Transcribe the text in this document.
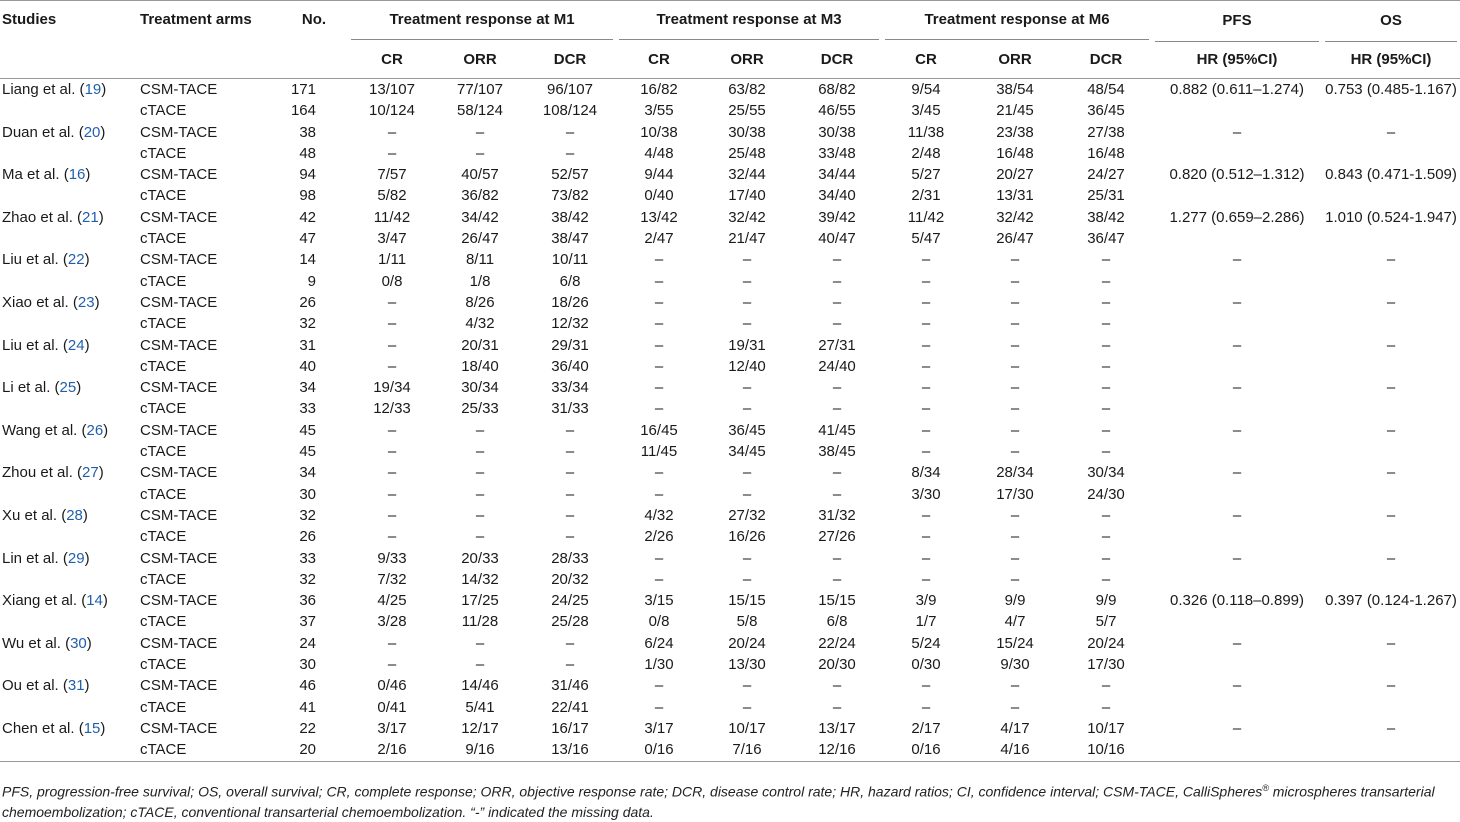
Studies	Treatment arms	No.	Treatment response at M1			Treatment response at M3			Treatment response at M6			PFS	OS

			CR	ORR	DCR	CR	ORR	DCR	CR	ORR	DCR	HR (95%CI)	HR (95%CI)

Liang et al. (19)	CSM-TACE	171	13/107	77/107	96/107	16/82	63/82	68/82	9/54	38/54	48/54	0.882 (0.611–1.274)	0.753 (0.485-1.167)
	cTACE	164	10/124	58/124	108/124	3/55	25/55	46/55	3/45	21/45	36/45		
Duan et al. (20)	CSM-TACE	38	–	–	–	10/38	30/38	30/38	11/38	23/38	27/38	–	–
	cTACE	48	–	–	–	4/48	25/48	33/48	2/48	16/48	16/48		
Ma et al. (16)	CSM-TACE	94	7/57	40/57	52/57	9/44	32/44	34/44	5/27	20/27	24/27	0.820 (0.512–1.312)	0.843 (0.471-1.509)
	cTACE	98	5/82	36/82	73/82	0/40	17/40	34/40	2/31	13/31	25/31		
Zhao et al. (21)	CSM-TACE	42	11/42	34/42	38/42	13/42	32/42	39/42	11/42	32/42	38/42	1.277 (0.659–2.286)	1.010 (0.524-1.947)
	cTACE	47	3/47	26/47	38/47	2/47	21/47	40/47	5/47	26/47	36/47		
Liu et al. (22)	CSM-TACE	14	1/11	8/11	10/11	–	–	–	–	–	–	–	–
	cTACE	9	0/8	1/8	6/8	–	–	–	–	–	–		
Xiao et al. (23)	CSM-TACE	26	–	8/26	18/26	–	–	–	–	–	–	–	–
	cTACE	32	–	4/32	12/32	–	–	–	–	–	–		
Liu et al. (24)	CSM-TACE	31	–	20/31	29/31	–	19/31	27/31	–	–	–	–	–
	cTACE	40	–	18/40	36/40	–	12/40	24/40	–	–	–		
Li et al. (25)	CSM-TACE	34	19/34	30/34	33/34	–	–	–	–	–	–	–	–
	cTACE	33	12/33	25/33	31/33	–	–	–	–	–	–		
Wang et al. (26)	CSM-TACE	45	–	–	–	16/45	36/45	41/45	–	–	–	–	–
	cTACE	45	–	–	–	11/45	34/45	38/45	–	–	–		
Zhou et al. (27)	CSM-TACE	34	–	–	–	–	–	–	8/34	28/34	30/34	–	–
	cTACE	30	–	–	–	–	–	–	3/30	17/30	24/30		
Xu et al. (28)	CSM-TACE	32	–	–	–	4/32	27/32	31/32	–	–	–	–	–
	cTACE	26	–	–	–	2/26	16/26	27/26	–	–	–		
Lin et al. (29)	CSM-TACE	33	9/33	20/33	28/33	–	–	–	–	–	–	–	–
	cTACE	32	7/32	14/32	20/32	–	–	–	–	–	–		
Xiang et al. (14)	CSM-TACE	36	4/25	17/25	24/25	3/15	15/15	15/15	3/9	9/9	9/9	0.326 (0.118–0.899)	0.397 (0.124-1.267)
	cTACE	37	3/28	11/28	25/28	0/8	5/8	6/8	1/7	4/7	5/7		
Wu et al. (30)	CSM-TACE	24	–	–	–	6/24	20/24	22/24	5/24	15/24	20/24	–	–
	cTACE	30	–	–	–	1/30	13/30	20/30	0/30	9/30	17/30		
Ou et al. (31)	CSM-TACE	46	0/46	14/46	31/46	–	–	–	–	–	–	–	–
	cTACE	41	0/41	5/41	22/41	–	–	–	–	–	–		
Chen et al. (15)	CSM-TACE	22	3/17	12/17	16/17	3/17	10/17	13/17	2/17	4/17	10/17	–	–
	cTACE	20	2/16	9/16	13/16	0/16	7/16	12/16	0/16	4/16	10/16		
PFS, progression-free survival; OS, overall survival; CR, complete response; ORR, objective response rate; DCR, disease control rate; HR, hazard ratios; CI, confidence interval; CSM-TACE, CalliSpheres® microspheres transarterial chemoembolization; cTACE, conventional transarterial chemoembolization. “-” indicated the missing data.
